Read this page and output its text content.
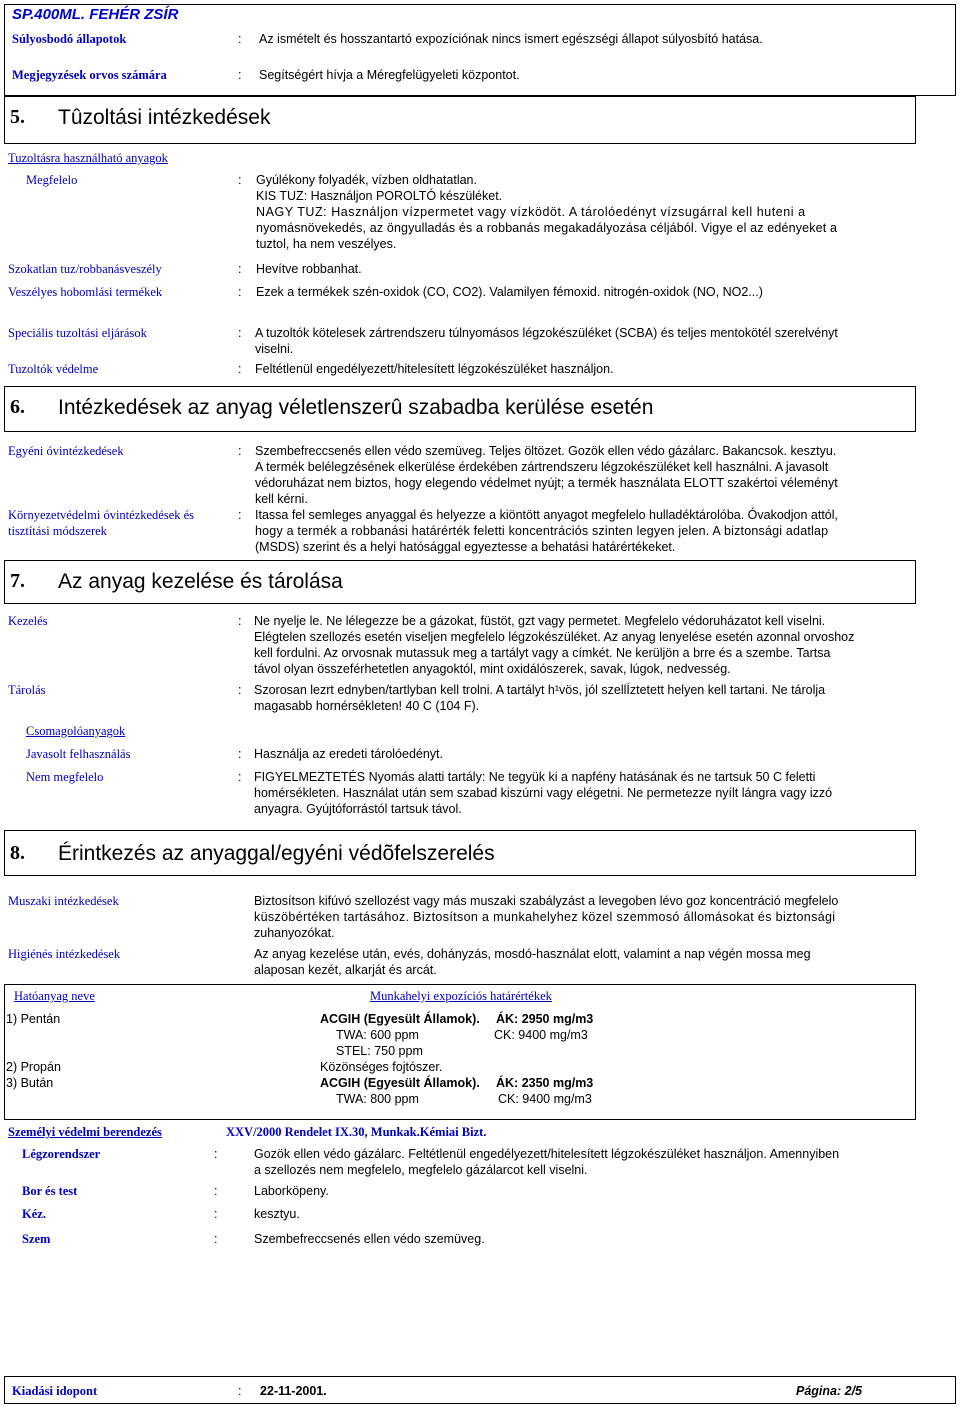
SP.400ML. FEHÉR ZSÍR
Súlyosbodó állapotok	: Az ismételt és hosszantartó expozíciónak nincs ismert egészségi állapot súlyosbító hatása.
Megjegyzések orvos számára	: Segítségért hívja a Méregfelügyeleti központot.
5. Tûzoltási intézkedések
Tuzoltásra használható anyagok
Megfelelo	: Gyúlékony folyadék, vízben oldhatatlan.
KIS TUZ: Használjon POROLTÓ készüléket.
NAGY TUZ: Használjon vízpermetet vagy vízködöt. A tárolóedényt vízsugárral kell huteni a
nyomásnövekedés, az öngyulladás és a robbanás megakadályozása céljából. Vigye el az edényeket a
tuztol, ha nem veszélyes.
Szokatlan tuz/robbanásveszély	: Hevítve robbanhat.
Veszélyes hobomlási termékek	: Ezek a termékek szén-oxidok (CO, CO2). Valamilyen fémoxid. nitrogén-oxidok (NO, NO2...)
Speciális tuzoltási eljárások	: A tuzoltók kötelesek zártrendszeru túlnyomásos légzokészüléket (SCBA) és teljes mentokötél szerelvényt
viselni.
Tuzoltók védelme	: Feltétlenül engedélyezett/hitelesített légzokészüléket használjon.
6. Intézkedések az anyag véletlenszerû szabadba kerülése esetén
Egyéni óvintézkedések	: Szembefreccsenés ellen védo szemüveg. Teljes öltözet. Gozök ellen védo gázálarc. Bakancsok. kesztyu.
A termék belélegzésének elkerülése érdekében zártrendszeru légzokészüléket kell használni. A javasolt
védoruházat nem biztos, hogy elegendo védelmet nyújt; a termék használata ELOTT szakértoi véleményt
kell kérni.
Környezetvédelmi óvintézkedések és
tisztítási módszerek
: Itassa fel semleges anyaggal és helyezze a kiöntött anyagot megfelelo hulladéktárolóba. Óvakodjon attól,
hogy a termék a robbanási határérték feletti koncentrációs szinten legyen jelen. A biztonsági adatlap
(MSDS) szerint és a helyi hatósággal egyeztesse a behatási határértékeket.
7. Az anyag kezelése és tárolása
Kezelés	: Ne nyelje le. Ne lélegezze be a gázokat, füstöt, gzt vagy permetet. Megfelelo védoruházatot kell viselni.
Elégtelen szellozés esetén viseljen megfelelo légzokészüléket. Az anyag lenyelése esetén azonnal orvoshoz
kell fordulni. Az orvosnak mutassuk meg a tartályt vagy a címkét. Ne kerüljön a brre és a szembe. Tartsa
távol olyan összeférhetetlen anyagoktól, mint oxidálószerek, savak, lúgok, nedvesség.
Tárolás	: Szorosan lezrt ednyben/tartlyban kell trolni. A tartályt h¹vös, jól szellÍztetett helyen kell tartani. Ne tárolja
magasabb hornérsékleten! 40 C (104 F).
Csomagolóanyagok
Javasolt felhasználás	: Használja az eredeti tárolóedényt.
Nem megfelelo	: FIGYELMEZTETÉS Nyomás alatti tartály: Ne tegyük ki a napfény hatásának és ne tartsuk 50 C feletti
homérsékleten. Használat után sem szabad kiszúrni vagy elégetni. Ne permetezze nyílt lángra vagy izzó
anyagra. Gyújtóforrástól tartsuk távol.
8. Érintkezés az anyaggal/egyéni védõfelszerelés
Muszaki intézkedések	Biztosítson kifúvó szellozést vagy más muszaki szabályzást a levegoben lévo goz koncentráció megfelelo
küszöbértéken tartásához. Biztosítson a munkahelyhez közel szemmosó állomásokat és biztonsági
zuhanyozókat.
Higiénés intézkedések	Az anyag kezelése után, evés, dohányzás, mosdó-használat elott, valamint a nap végén mossa meg
alaposan kezét, alkarját és arcát.
Hatóanyag neve	Munkahelyi expozíciós határértékek
1) Pentán	ACGIH (Egyesült Államok). ÁK: 2950 mg/m3
TWA: 600 ppm	CK: 9400 mg/m3
STEL: 750 ppm
2) Propán	Közönséges fojtószer.
3) Bután	ACGIH (Egyesült Államok). ÁK: 2350 mg/m3
TWA: 800 ppm	CK: 9400 mg/m3
Személyi védelmi berendezés	XXV/2000 Rendelet IX.30, Munkak.Kémiai Bizt.
Légzorendszer	:	Gozök ellen védo gázálarc. Feltétlenül engedélyezett/hitelesített légzokészüléket használjon. Amennyiben
a szellozés nem megfelelo, megfelelo gázálarcot kell viselni.
Bor és test	:	Laborköpeny.
Kéz.	:	kesztyu.
Szem	:	Szembefreccsenés ellen védo szemüveg.
Kiadási idopont	: 22-11-2001.	Página: 2/5
